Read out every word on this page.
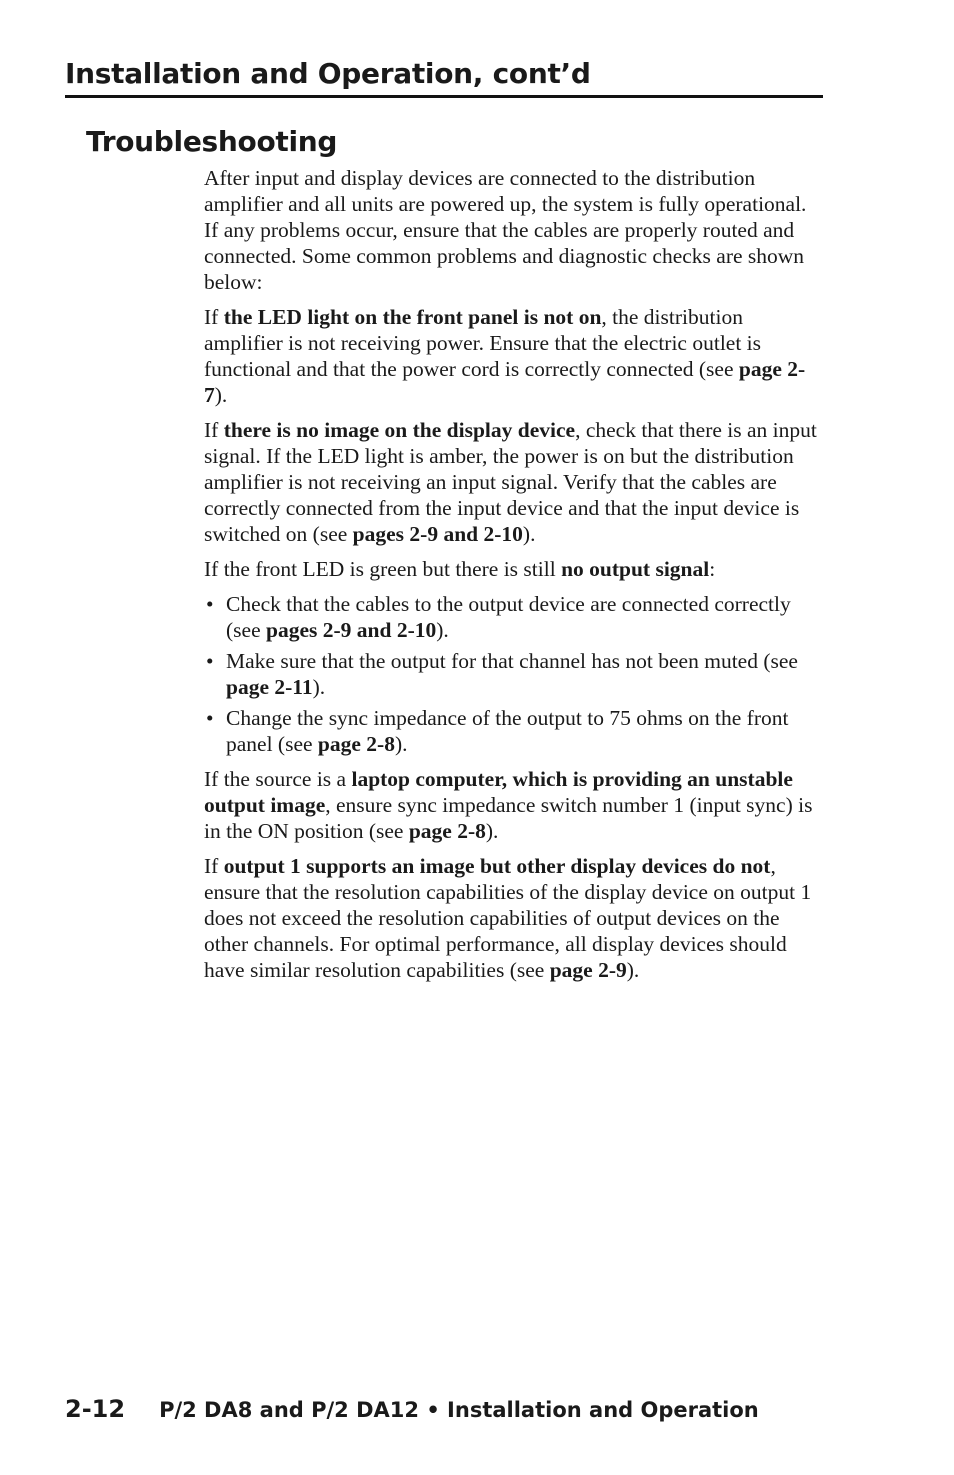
Installation and Operation, cont’d
Troubleshooting

After input and display devices are connected to the distribution amplifier and all units are powered up, the system is fully operational. If any problems occur, ensure that the cables are properly routed and connected. Some common problems and diagnostic checks are shown below:

If the LED light on the front panel is not on, the distribution amplifier is not receiving power. Ensure that the electric outlet is functional and that the power cord is correctly connected (see page 2-7).

If there is no image on the display device, check that there is an input signal. If the LED light is amber, the power is on but the distribution amplifier is not receiving an input signal. Verify that the cables are correctly connected from the input device and that the input device is switched on (see pages 2-9 and 2-10).

If the front LED is green but there is still no output signal:

• Check that the cables to the output device are connected correctly (see pages 2-9 and 2-10).
• Make sure that the output for that channel has not been muted (see page 2-11).
• Change the sync impedance of the output to 75 ohms on the front panel (see page 2-8).

If the source is a laptop computer, which is providing an unstable output image, ensure sync impedance switch number 1 (input sync) is in the ON position (see page 2-8).

If output 1 supports an image but other display devices do not, ensure that the resolution capabilities of the display device on output 1 does not exceed the resolution capabilities of output devices on the other channels. For optimal performance, all display devices should have similar resolution capabilities (see page 2-9).

2-12 P/2 DA8 and P/2 DA12 • Installation and Operation
